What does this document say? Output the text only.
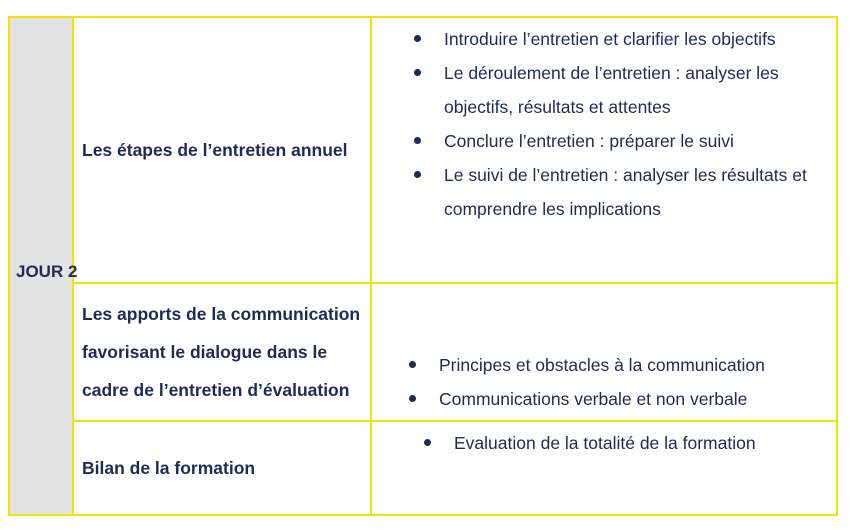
JOUR 2
Les étapes de l’entretien annuel
Introduire l’entretien et clarifier les objectifs
Le déroulement de l’entretien : analyser les objectifs, résultats et attentes
Conclure l’entretien : préparer le suivi
Le suivi de l’entretien : analyser les résultats et comprendre les implications
Les apports de la communication favorisant le dialogue dans le cadre de l’entretien d’évaluation
Principes et obstacles à la communication
Communications verbale et non verbale
Bilan de la formation
Evaluation de la totalité de la formation
